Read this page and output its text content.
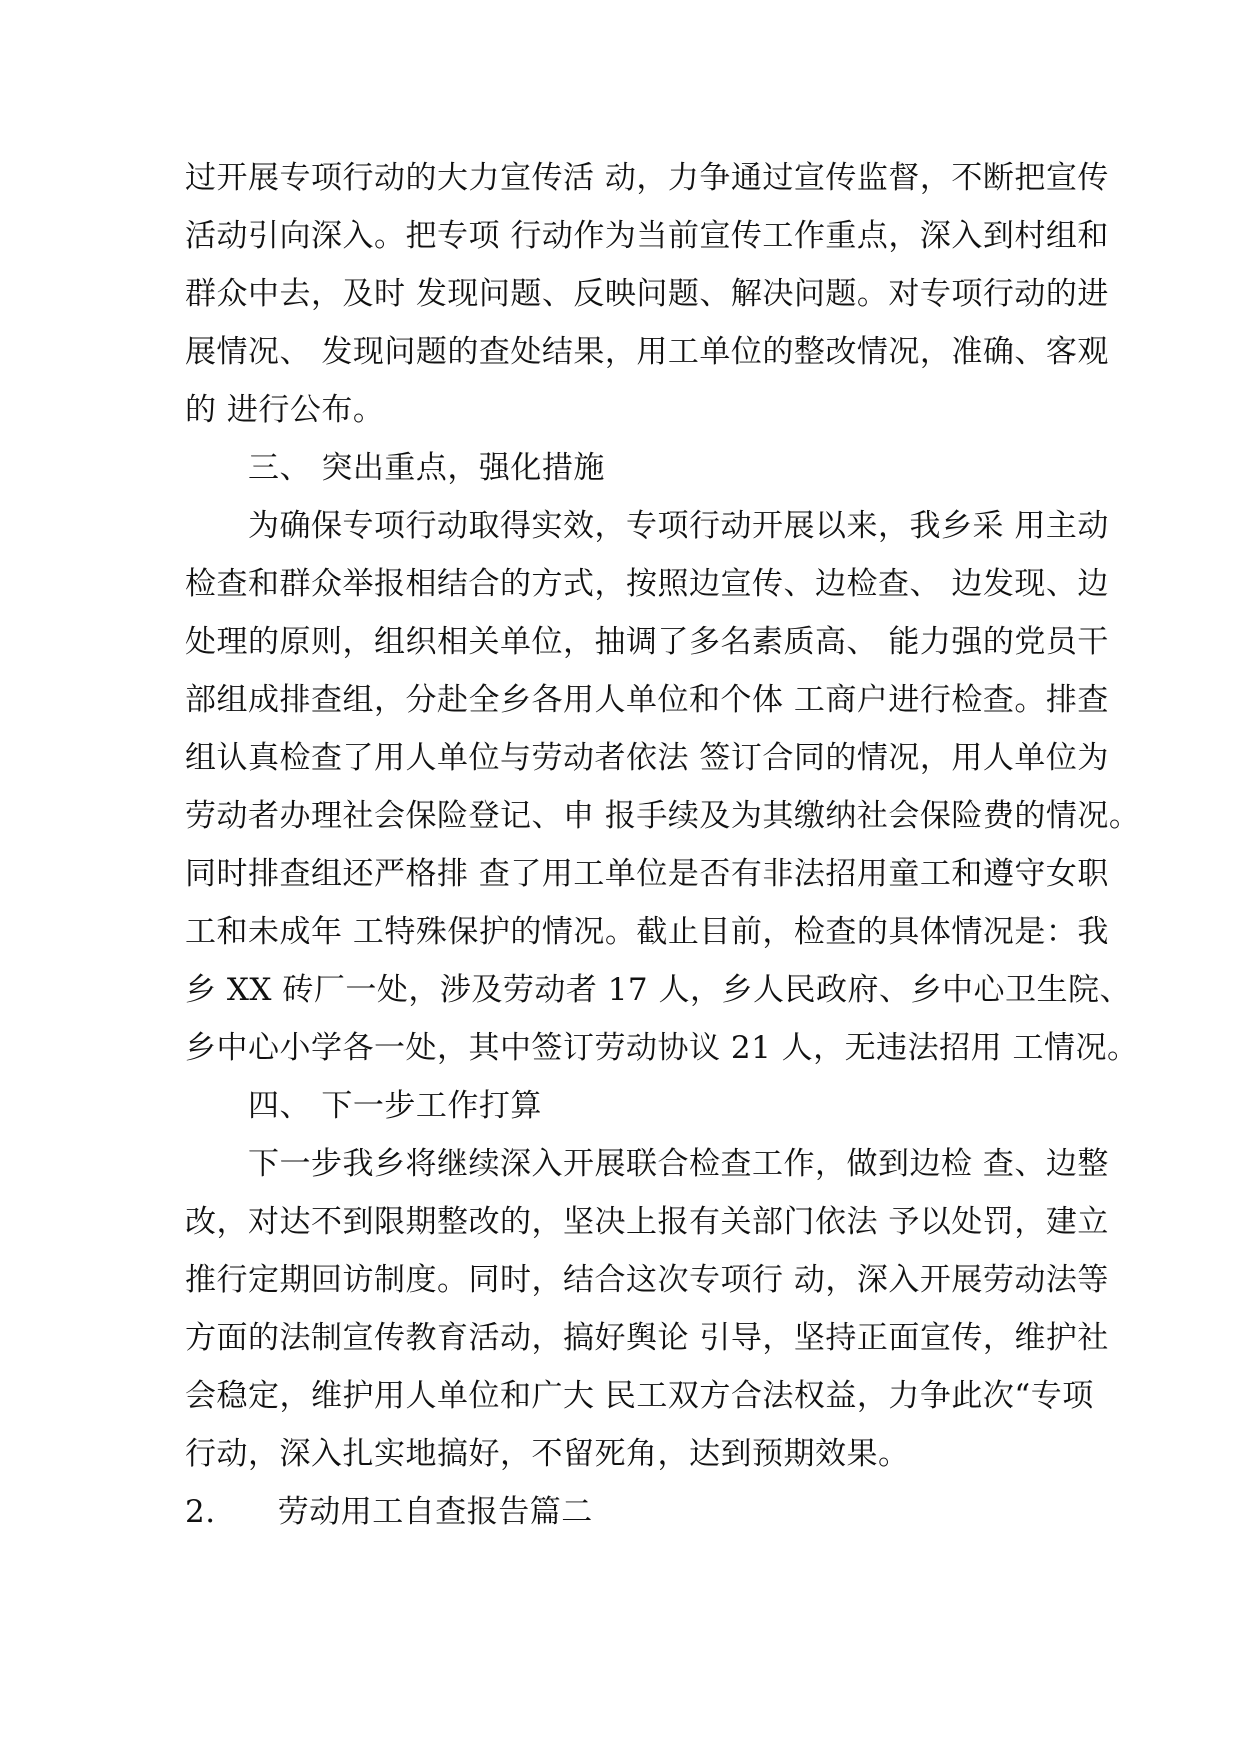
过开展专项行动的大力宣传活 动，力争通过宣传监督，不断把宣传
活动引向深入。把专项 行动作为当前宣传工作重点，深入到村组和
群众中去，及时 发现问题、反映问题、解决问题。对专项行动的进
展情况、 发现问题的查处结果，用工单位的整改情况，准确、客观
的 进行公布。
三、 突出重点，强化措施
为确保专项行动取得实效，专项行动开展以来，我乡采 用主动
检查和群众举报相结合的方式，按照边宣传、边检查、 边发现、边
处理的原则，组织相关单位，抽调了多名素质高、 能力强的党员干
部组成排查组，分赴全乡各用人单位和个体 工商户进行检查。排查
组认真检查了用人单位与劳动者依法 签订合同的情况，用人单位为
劳动者办理社会保险登记、申 报手续及为其缴纳社会保险费的情况。
同时排查组还严格排 查了用工单位是否有非法招用童工和遵守女职
工和未成年 工特殊保护的情况。截止目前，检查的具体情况是：我
乡 XX 砖厂一处，涉及劳动者 17 人，乡人民政府、乡中心卫生院、
乡中心小学各一处，其中签订劳动协议 21 人，无违法招用 工情况。
四、 下一步工作打算
下一步我乡将继续深入开展联合检查工作，做到边检 查、边整
改，对达不到限期整改的，坚决上报有关部门依法 予以处罚，建立
推行定期回访制度。同时，结合这次专项行 动，深入开展劳动法等
方面的法制宣传教育活动，搞好舆论 引导，坚持正面宣传，维护社
会稳定，维护用人单位和广大 民工双方合法权益，力争此次“专项
行动，深入扎实地搞好，不留死角，达到预期效果。
2.      劳动用工自查报告篇二
